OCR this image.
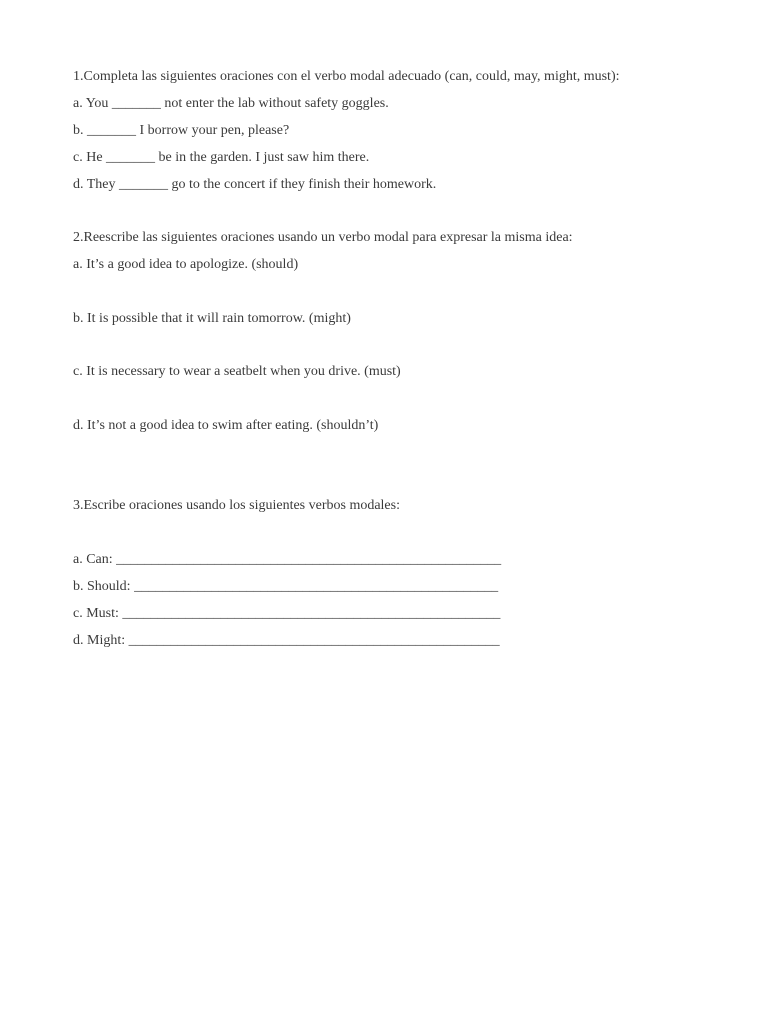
1.Completa las siguientes oraciones con el verbo modal adecuado (can, could, may, might, must):

a. You _______ not enter the lab without safety goggles.

b. _______ I borrow your pen, please?

c. He _______ be in the garden. I just saw him there.

d. They _______ go to the concert if they finish their homework.

2.Reescribe las siguientes oraciones usando un verbo modal para expresar la misma idea:

a. It’s a good idea to apologize. (should)

b. It is possible that it will rain tomorrow. (might)

c. It is necessary to wear a seatbelt when you drive. (must)

d. It’s not a good idea to swim after eating. (shouldn’t)

3.Escribe oraciones usando los siguientes verbos modales:

a. Can: _______________________________________________________

b. Should: ____________________________________________________

c. Must: ______________________________________________________

d. Might: _____________________________________________________
